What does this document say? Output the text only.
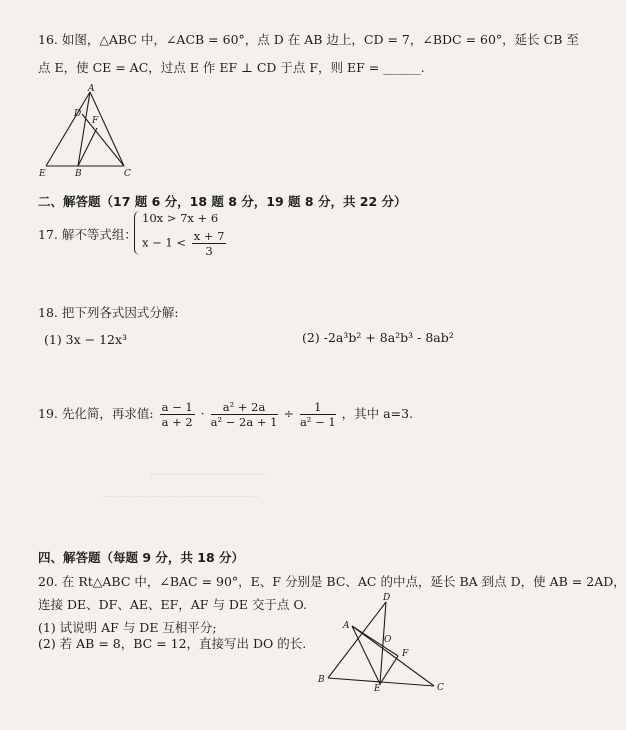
16. 如图，△ABC 中，∠ACB = 60°，点 D 在 AB 边上，CD = 7，∠BDC = 60°，延长 CB 至
点 E，使 CE = AC，过点 E 作 EF ⊥ CD 于点 F，则 EF = ______.
A
D
F
E	B	C
二、解答题（17 题 6 分，18 题 8 分，19 题 8 分，共 22 分）
17. 解不等式组：
10x > 7x + 6
$x - 1 < \frac{x + 7}{3}$
18. 把下列各式因式分解:
(1) 3x − 12x³	(2) -2a³b² + 8a²b³ - 8ab²
19. 先化简，再求值: $\frac{a - 1}{a + 2} \cdot \frac{\text{a² + 2a}}{\text{a² − 2a + 1}} \div \frac{1}{\text{a² − 1}}$ ，其中 a=3.
·····································
··················································
四、解答题（每题 9 分，共 18 分）
20. 在 Rt△ABC 中，∠BAC = 90°，E、F 分别是 BC、AC 的中点，延长 BA 到点 D，使 AB = 2AD，
连接 DE、DF、AE、EF，AF 与 DE 交于点 O.
(1) 试说明 AF 与 DE 互相平分;
(2) 若 AB = 8，BC = 12，直接写出 DO 的长.
D
A
O
F
B
E	C
